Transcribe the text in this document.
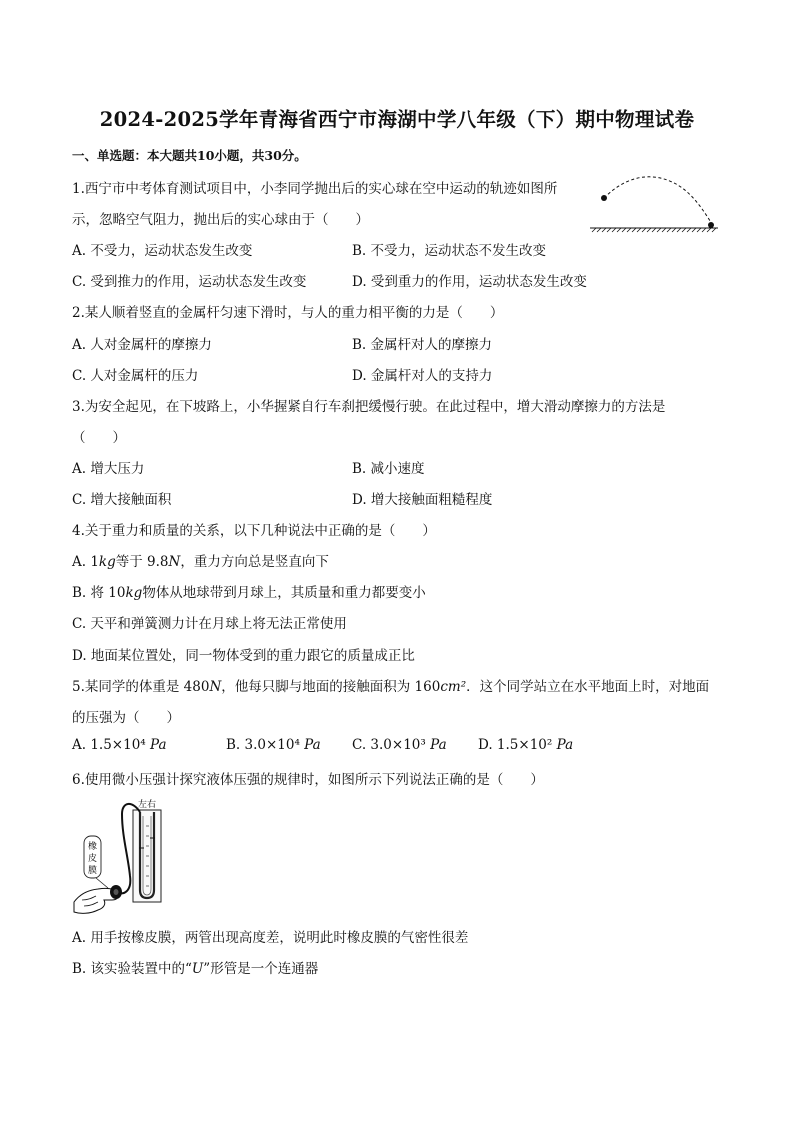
2024-2025学年青海省西宁市海湖中学八年级（下）期中物理试卷
一、单选题：本大题共10小题，共30分。
1.西宁市中考体育测试项目中，小李同学抛出后的实心球在空中运动的轨迹如图所
示，忽略空气阻力，抛出后的实心球由于（　　）
A. 不受力，运动状态发生改变	B. 不受力，运动状态不发生改变
C. 受到推力的作用，运动状态发生改变	D. 受到重力的作用，运动状态发生改变
2.某人顺着竖直的金属杆匀速下滑时，与人的重力相平衡的力是（　　）
A. 人对金属杆的摩擦力	B. 金属杆对人的摩擦力
C. 人对金属杆的压力	D. 金属杆对人的支持力
3.为安全起见，在下坡路上，小华握紧自行车刹把缓慢行驶。在此过程中，增大滑动摩擦力的方法是
（　　）
A. 增大压力	B. 减小速度
C. 增大接触面积	D. 增大接触面粗糙程度
4.关于重力和质量的关系，以下几种说法中正确的是（　　）
A. 1kg等于 9.8N，重力方向总是竖直向下
B. 将 10kg物体从地球带到月球上，其质量和重力都要变小
C. 天平和弹簧测力计在月球上将无法正常使用
D. 地面某位置处，同一物体受到的重力跟它的质量成正比
5.某同学的体重是 480N，他每只脚与地面的接触面积为 160cm²．这个同学站立在水平地面上时，对地面
的压强为（　　）
A. 1.5×10⁴ Pa	B. 3.0×10⁴ Pa C. 3.0×10³ Pa D. 1.5×10² Pa
6.使用微小压强计探究液体压强的规律时，如图所示下列说法正确的是（　　）
橡
皮
膜
左右
A. 用手按橡皮膜，两管出现高度差，说明此时橡皮膜的气密性很差
B. 该实验装置中的“U”形管是一个连通器
